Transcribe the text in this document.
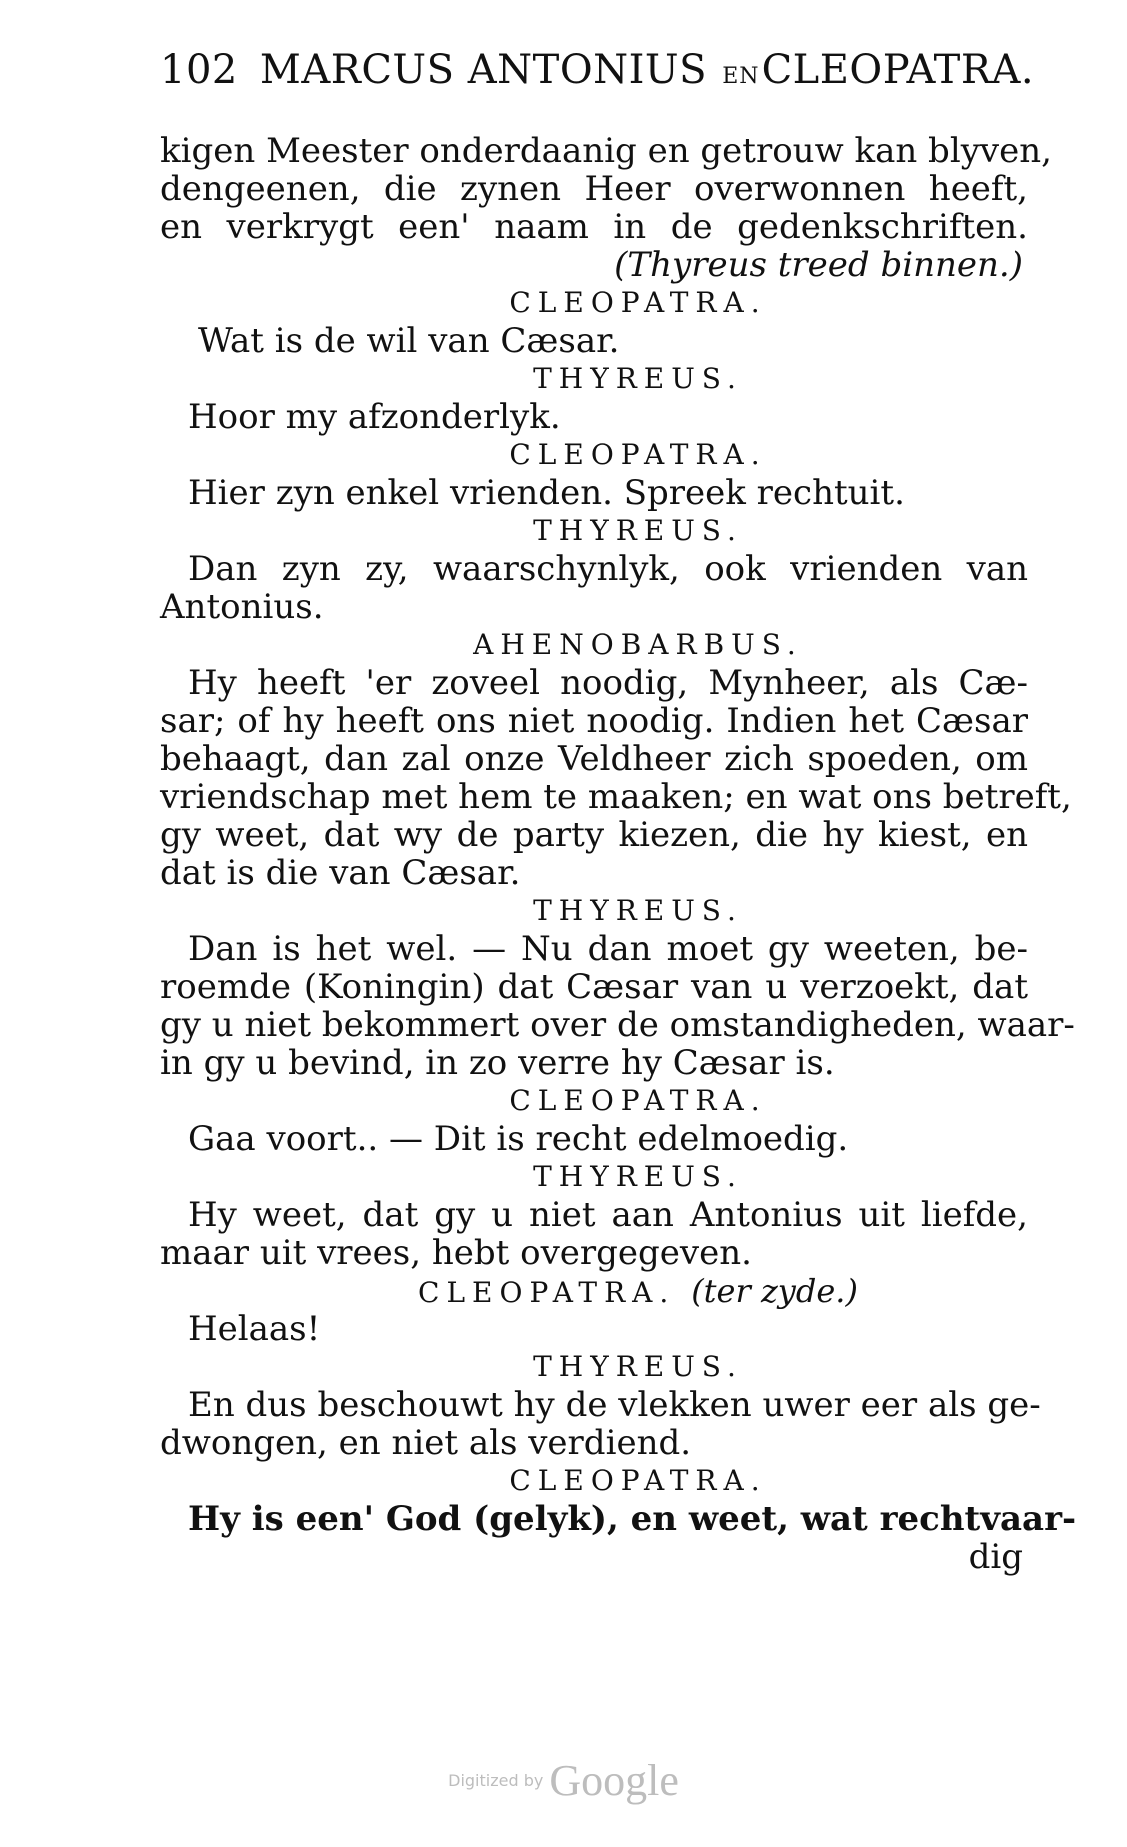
102 MARCUS ANTONIUS ENCLEOPATRA.
kigen Meester onderdaanig en getrouw kan blyven,
dengeenen, die zynen Heer overwonnen heeft,
en verkrygt een' naam in de gedenkschriften.
(Thyreus treed binnen.)
CLEOPATRA.
Wat is de wil van Cæsar.
THYREUS.
Hoor my afzonderlyk.
CLEOPATRA.
Hier zyn enkel vrienden. Spreek rechtuit.
THYREUS.
Dan zyn zy, waarschynlyk, ook vrienden van
Antonius.
AHENOBARBUS.
Hy heeft 'er zoveel noodig, Mynheer, als Cæ-
sar; of hy heeft ons niet noodig. Indien het Cæsar
behaagt, dan zal onze Veldheer zich spoeden, om
vriendschap met hem te maaken; en wat ons betreft,
gy weet, dat wy de party kiezen, die hy kiest, en
dat is die van Cæsar.
THYREUS.
Dan is het wel. — Nu dan moet gy weeten, be-
roemde (Koningin) dat Cæsar van u verzoekt, dat
gy u niet bekommert over de omstandigheden, waar-
in gy u bevind, in zo verre hy Cæsar is.
CLEOPATRA.
Gaa voort.. — Dit is recht edelmoedig.
THYREUS.
Hy weet, dat gy u niet aan Antonius uit liefde,
maar uit vrees, hebt overgegeven.
CLEOPATRA. (ter zyde.)
Helaas!
THYREUS.
En dus beschouwt hy de vlekken uwer eer als ge-
dwongen, en niet als verdiend.
CLEOPATRA.
Hy is een' God (gelyk), en weet, wat rechtvaar-
dig
Digitized by Google
